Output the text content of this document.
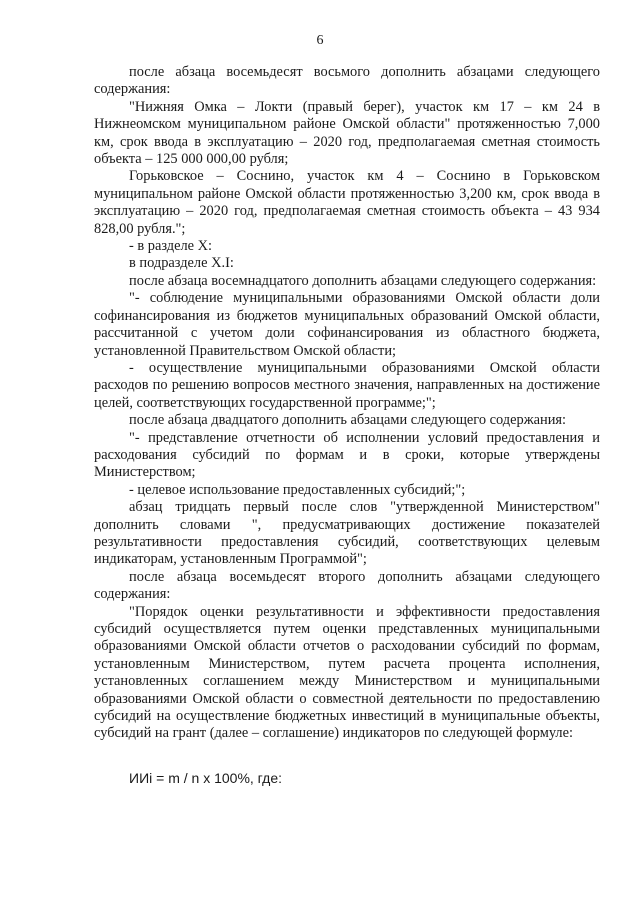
6

после абзаца восемьдесят восьмого дополнить абзацами следующего содержания:

"Нижняя Омка – Локти (правый берег), участок км 17 – км 24 в Нижнеомском муниципальном районе Омской области" протяженностью 7,000 км, срок ввода в эксплуатацию – 2020 год, предполагаемая сметная стоимость объекта – 125 000 000,00 рубля;

Горьковское – Соснино, участок км 4 – Соснино в Горьковском муниципальном районе Омской области протяженностью 3,200 км, срок ввода в эксплуатацию – 2020 год, предполагаемая сметная стоимость объекта – 43 934 828,00 рубля.";

- в разделе X:

в подразделе X.I:

после абзаца восемнадцатого дополнить абзацами следующего содержания:

"- соблюдение муниципальными образованиями Омской области доли софинансирования из бюджетов муниципальных образований Омской области, рассчитанной с учетом доли софинансирования из областного бюджета, установленной Правительством Омской области;

- осуществление муниципальными образованиями Омской области расходов по решению вопросов местного значения, направленных на достижение целей, соответствующих государственной программе;";

после абзаца двадцатого дополнить абзацами следующего содержания:

"- представление отчетности об исполнении условий предоставления и расходования субсидий по формам и в сроки, которые утверждены Министерством;

- целевое использование предоставленных субсидий;";

абзац тридцать первый после слов "утвержденной Министерством" дополнить словами ", предусматривающих достижение показателей результативности предоставления субсидий, соответствующих целевым индикаторам, установленным Программой";

после абзаца восемьдесят второго дополнить абзацами следующего содержания:

"Порядок оценки результативности и эффективности предоставления субсидий осуществляется путем оценки представленных муниципальными образованиями Омской области отчетов о расходовании субсидий по формам, установленным Министерством, путем расчета процента исполнения, установленных соглашением между Министерством и муниципальными образованиями Омской области о совместной деятельности по предоставлению субсидий на осуществление бюджетных инвестиций в муниципальные объекты, субсидий на грант (далее – соглашение) индикаторов по следующей формуле:

ИИi = m / n x 100%, где:
